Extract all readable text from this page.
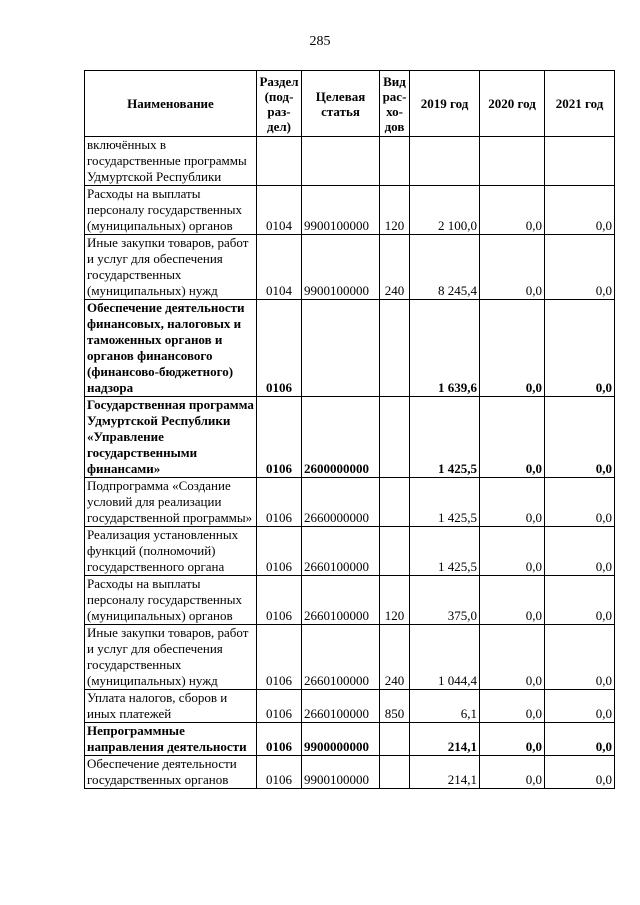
285
Наименование	Раздел (под-раз-дел)	Целевая статья	Вид рас-хо-дов	2019 год	2020 год	2021 год
включённых в государственные программы Удмуртской Республики						
Расходы на выплаты персоналу государственных (муниципальных) органов	0104	9900100000	120	2 100,0	0,0	0,0
Иные закупки товаров, работ и услуг для обеспечения государственных (муниципальных) нужд	0104	9900100000	240	8 245,4	0,0	0,0
Обеспечение деятельности финансовых, налоговых и таможенных органов и органов финансового (финансово-бюджетного) надзора	0106			1 639,6	0,0	0,0
Государственная программа Удмуртской Республики «Управление государственными финансами»	0106	2600000000		1 425,5	0,0	0,0
Подпрограмма «Создание условий для реализации государственной программы»	0106	2660000000		1 425,5	0,0	0,0
Реализация установленных функций (полномочий) государственного органа	0106	2660100000		1 425,5	0,0	0,0
Расходы на выплаты персоналу государственных (муниципальных) органов	0106	2660100000	120	375,0	0,0	0,0
Иные закупки товаров, работ и услуг для обеспечения государственных (муниципальных) нужд	0106	2660100000	240	1 044,4	0,0	0,0
Уплата налогов, сборов и иных платежей	0106	2660100000	850	6,1	0,0	0,0
Непрограммные направления деятельности	0106	9900000000		214,1	0,0	0,0
Обеспечение деятельности государственных органов	0106	9900100000		214,1	0,0	0,0
